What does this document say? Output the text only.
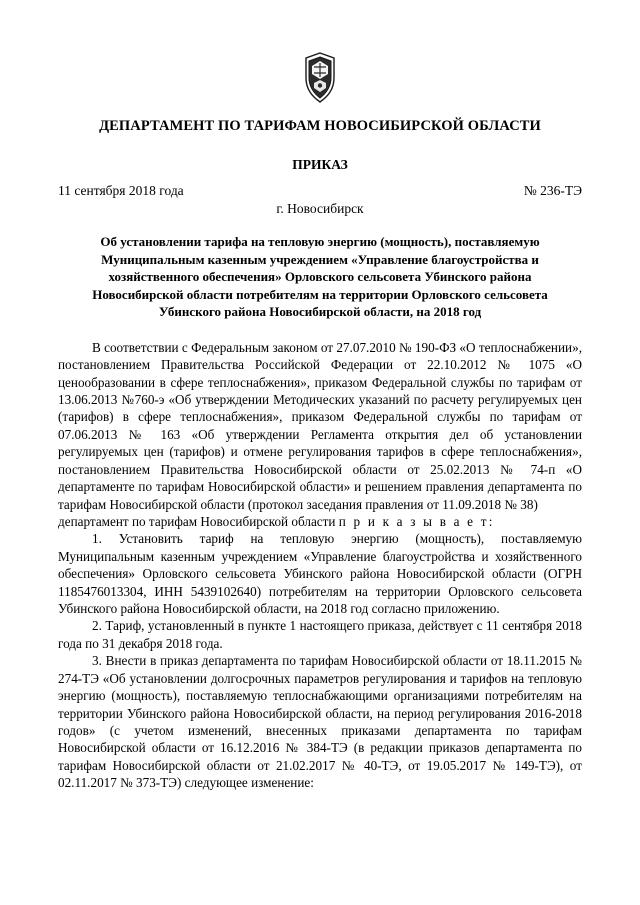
ДЕПАРТАМЕНТ ПО ТАРИФАМ НОВОСИБИРСКОЙ ОБЛАСТИ
ПРИКАЗ
11 сентября 2018 года	№ 236-ТЭ
г. Новосибирск
Об установлении тарифа на тепловую энергию (мощность), поставляемую Муниципальным казенным учреждением «Управление благоустройства и хозяйственного обеспечения» Орловского сельсовета Убинского района Новосибирской области потребителям на территории Орловского сельсовета Убинского района Новосибирской области, на 2018 год

В соответствии с Федеральным законом от 27.07.2010 № 190-ФЗ «О теплоснабжении», постановлением Правительства Российской Федерации от 22.10.2012 № 1075 «О ценообразовании в сфере теплоснабжения», приказом Федеральной службы по тарифам от 13.06.2013 №760-э «Об утверждении Методических указаний по расчету регулируемых цен (тарифов) в сфере теплоснабжения», приказом Федеральной службы по тарифам от 07.06.2013 № 163 «Об утверждении Регламента открытия дел об установлении регулируемых цен (тарифов) и отмене регулирования тарифов в сфере теплоснабжения», постановлением Правительства Новосибирской области от 25.02.2013 № 74-п «О департаменте по тарифам Новосибирской области» и решением правления департамента по тарифам Новосибирской области (протокол заседания правления от 11.09.2018 № 38)

департамент по тарифам Новосибирской области п р и к а з ы в а е т:

1. Установить тариф на тепловую энергию (мощность), поставляемую Муниципальным казенным учреждением «Управление благоустройства и хозяйственного обеспечения» Орловского сельсовета Убинского района Новосибирской области (ОГРН 1185476013304, ИНН 5439102640) потребителям на территории Орловского сельсовета Убинского района Новосибирской области, на 2018 год согласно приложению.

2. Тариф, установленный в пункте 1 настоящего приказа, действует с 11 сентября 2018 года по 31 декабря 2018 года.

3. Внести в приказ департамента по тарифам Новосибирской области от 18.11.2015 № 274-ТЭ «Об установлении долгосрочных параметров регулирования и тарифов на тепловую энергию (мощность), поставляемую теплоснабжающими организациями потребителям на территории Убинского района Новосибирской области, на период регулирования 2016-2018 годов» (с учетом изменений, внесенных приказами департамента по тарифам Новосибирской области от 16.12.2016 № 384-ТЭ (в редакции приказов департамента по тарифам Новосибирской области от 21.02.2017 № 40-ТЭ, от 19.05.2017 № 149-ТЭ), от 02.11.2017 № 373-ТЭ) следующее изменение:
